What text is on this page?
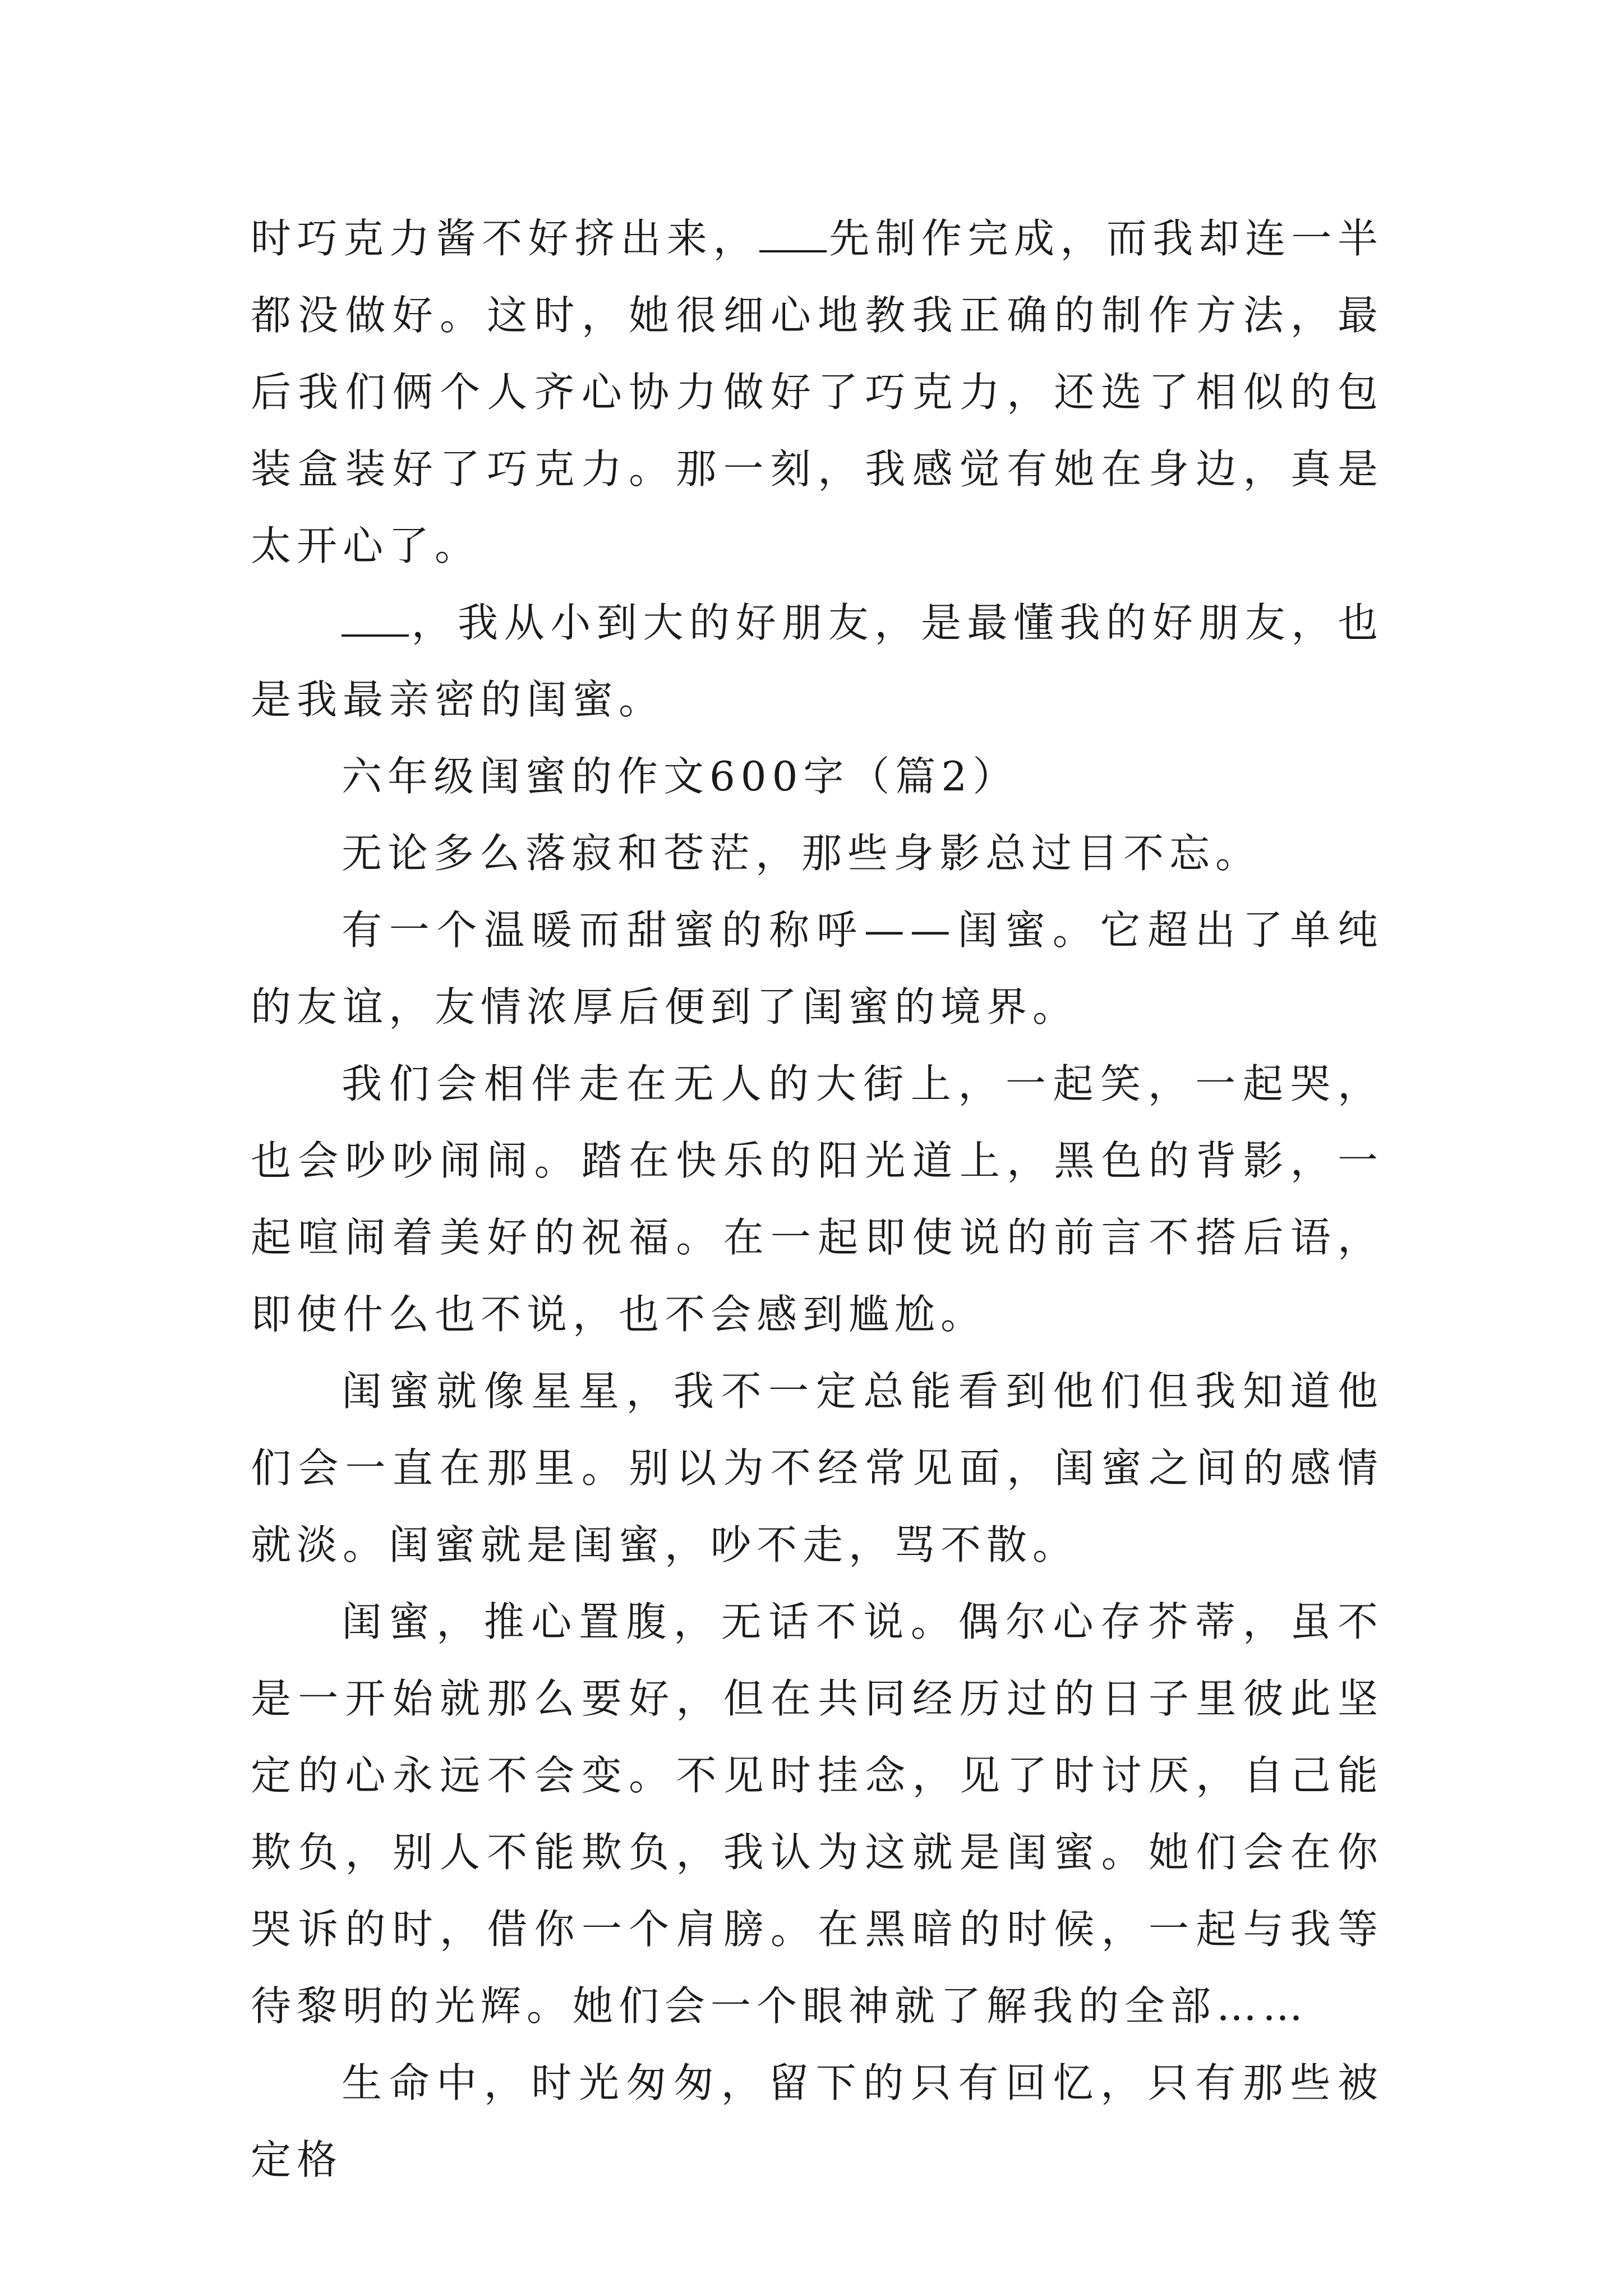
时巧克力酱不好挤出来， 先制作完成，而我却连一半都没做好。这时，她很细心地教我正确的制作方法，最后我们俩个人齐心协力做好了巧克力，还选了相似的包装盒装好了巧克力。那一刻，我感觉有她在身边，真是太开心了。

，我从小到大的好朋友，是最懂我的好朋友，也是我最亲密的闺蜜。

六年级闺蜜的作文600字（篇2）

无论多么落寂和苍茫，那些身影总过目不忘。

有一个温暖而甜蜜的称呼——闺蜜。它超出了单纯的友谊，友情浓厚后便到了闺蜜的境界。

我们会相伴走在无人的大街上，一起笑，一起哭，也会吵吵闹闹。踏在快乐的阳光道上，黑色的背影，一起喧闹着美好的祝福。在一起即使说的前言不搭后语，即使什么也不说，也不会感到尴尬。

闺蜜就像星星，我不一定总能看到他们但我知道他们会一直在那里。别以为不经常见面，闺蜜之间的感情就淡。闺蜜就是闺蜜，吵不走，骂不散。

闺蜜，推心置腹，无话不说。偶尔心存芥蒂，虽不是一开始就那么要好，但在共同经历过的日子里彼此坚定的心永远不会变。不见时挂念，见了时讨厌，自己能欺负，别人不能欺负，我认为这就是闺蜜。她们会在你哭诉的时，借你一个肩膀。在黑暗的时候，一起与我等待黎明的光辉。她们会一个眼神就了解我的全部……

生命中，时光匆匆，留下的只有回忆，只有那些被定格
